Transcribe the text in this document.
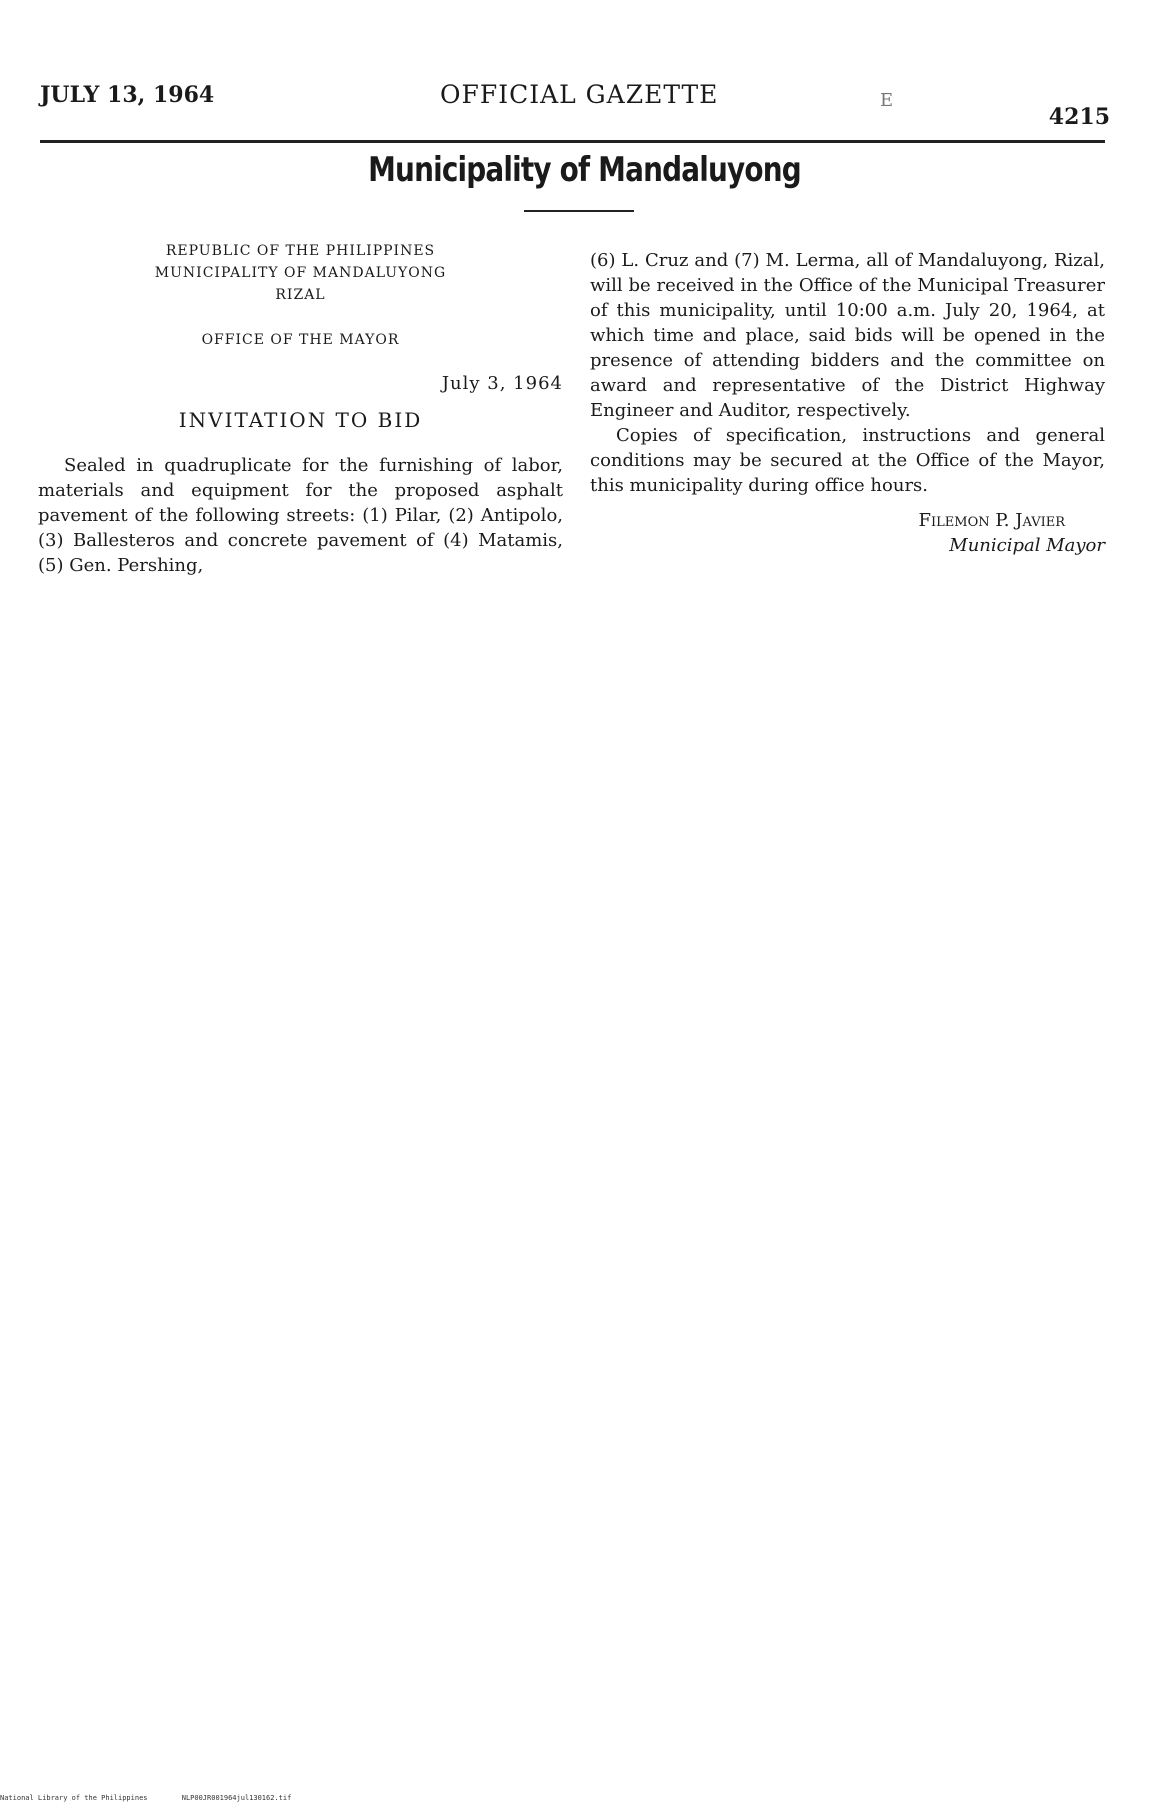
JULY 13, 1964	OFFICIAL GAZETTE	E
4215
Municipality of Mandaluyong
REPUBLIC OF THE PHILIPPINES
MUNICIPALITY OF MANDALUYONG
RIZAL
OFFICE OF THE MAYOR
July 3, 1964
INVITATION TO BID

Sealed in quadruplicate for the furnishing of labor, materials and equipment for the proposed asphalt pavement of the following streets: (1) Pilar, (2) Antipolo, (3) Ballesteros and concrete pavement of (4) Matamis, (5) Gen. Pershing,

(6) L. Cruz and (7) M. Lerma, all of Mandaluyong, Rizal, will be received in the Office of the Municipal Treasurer of this municipality, until 10:00 a.m. July 20, 1964, at which time and place, said bids will be opened in the presence of attending bidders and the committee on award and representative of the District Highway Engineer and Auditor, respectively.

Copies of specification, instructions and general conditions may be secured at the Office of the Mayor, this municipality during office hours.

Filemon P. Javier
Municipal Mayor
National Library of the Philippines	NLP00JR001964jul130162.tif
